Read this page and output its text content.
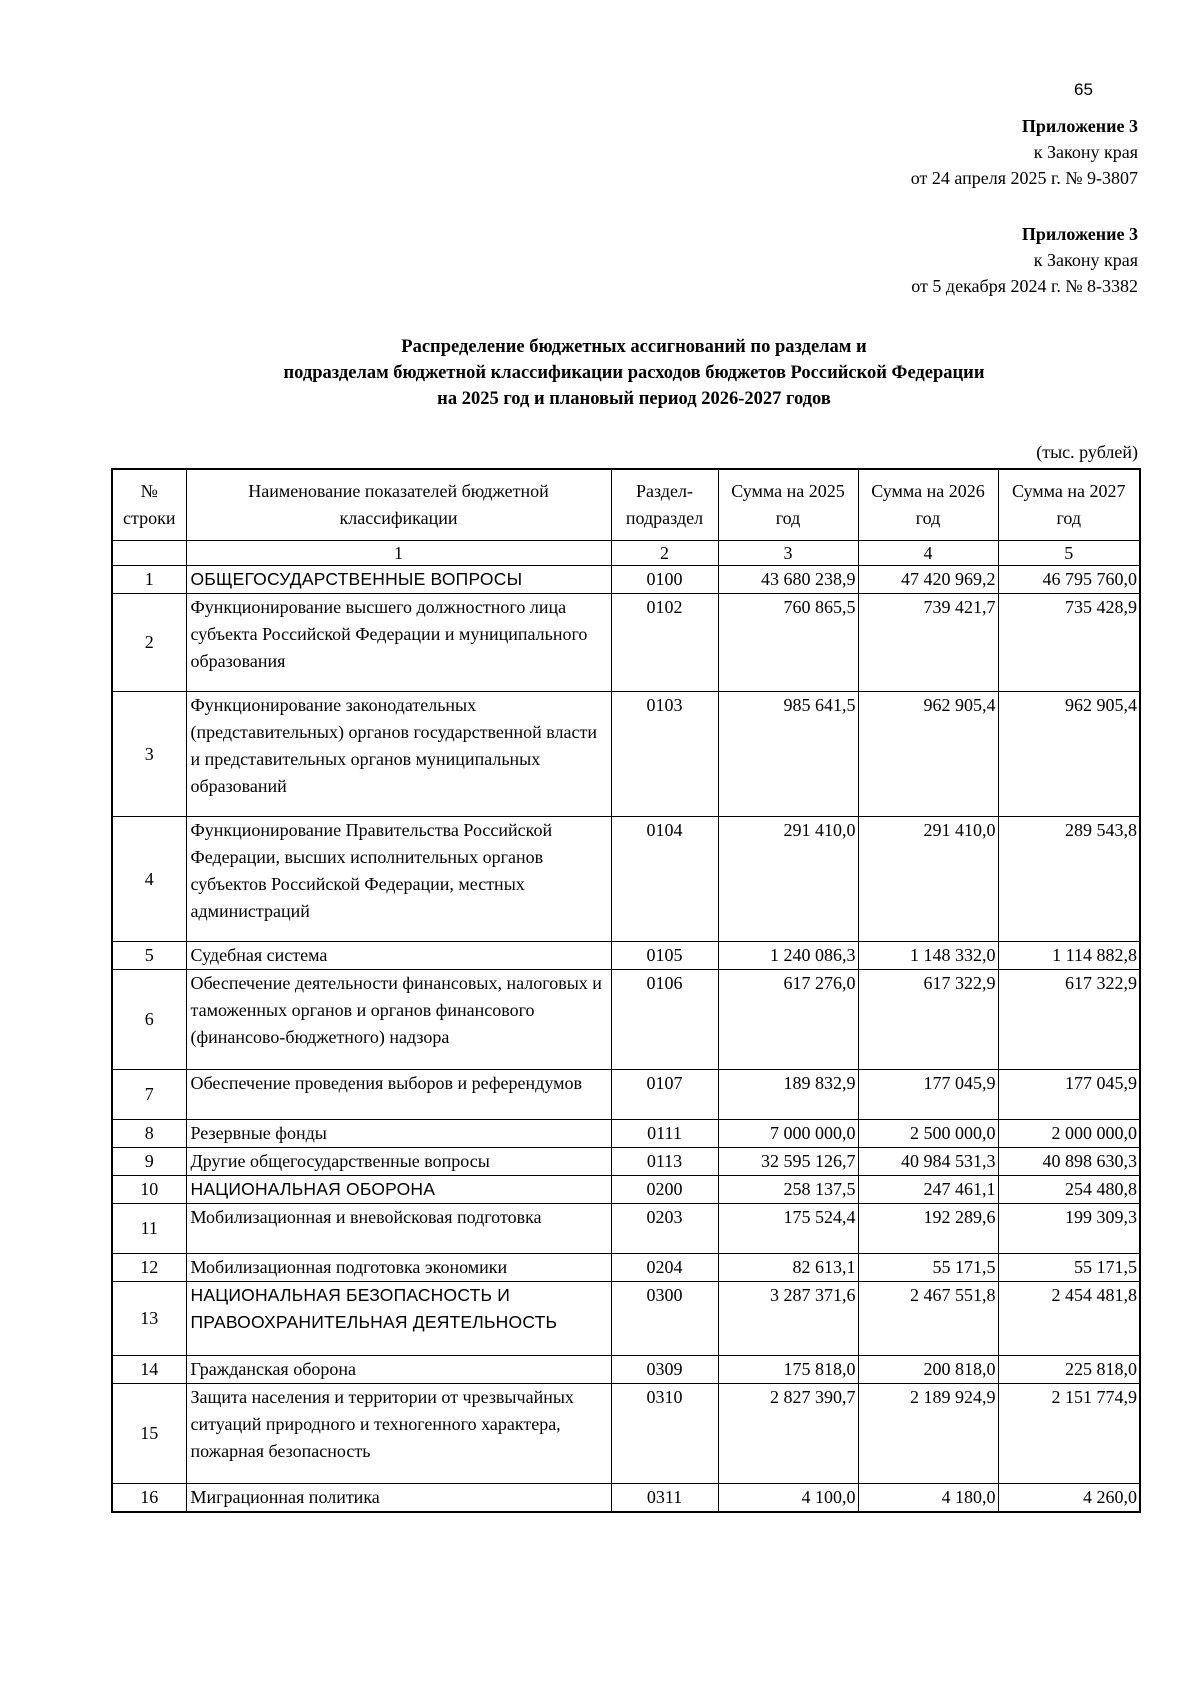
65
Приложение 3
к Закону края
от 24 апреля 2025 г. № 9-3807
Приложение 3
к Закону края
от 5 декабря 2024 г. № 8-3382
Распределение бюджетных ассигнований по разделам и
подразделам бюджетной классификации расходов бюджетов Российской Федерации
на 2025 год и плановый период 2026-2027 годов
(тыс. рублей)
№ строки	Наименование показателей бюджетной классификации	Раздел- подраздел	Сумма на 2025 год	Сумма на 2026 год	Сумма на 2027 год
	1	2	3	4	5
1	ОБЩЕГОСУДАРСТВЕННЫЕ ВОПРОСЫ	0100	43 680 238,9	47 420 969,2	46 795 760,0
2	Функционирование высшего должностного лица субъекта Российской Федерации и муниципального образования	0102	760 865,5	739 421,7	735 428,9
3	Функционирование законодательных (представительных) органов государственной власти и представительных органов муниципальных образований	0103	985 641,5	962 905,4	962 905,4
4	Функционирование Правительства Российской Федерации, высших исполнительных органов субъектов Российской Федерации, местных администраций	0104	291 410,0	291 410,0	289 543,8
5	Судебная система	0105	1 240 086,3	1 148 332,0	1 114 882,8
6	Обеспечение деятельности финансовых, налоговых и таможенных органов и органов финансового (финансово-бюджетного) надзора	0106	617 276,0	617 322,9	617 322,9
7	Обеспечение проведения выборов и референдумов	0107	189 832,9	177 045,9	177 045,9
8	Резервные фонды	0111	7 000 000,0	2 500 000,0	2 000 000,0
9	Другие общегосударственные вопросы	0113	32 595 126,7	40 984 531,3	40 898 630,3
10	НАЦИОНАЛЬНАЯ ОБОРОНА	0200	258 137,5	247 461,1	254 480,8
11	Мобилизационная и вневойсковая подготовка	0203	175 524,4	192 289,6	199 309,3
12	Мобилизационная подготовка экономики	0204	82 613,1	55 171,5	55 171,5
13	НАЦИОНАЛЬНАЯ БЕЗОПАСНОСТЬ И ПРАВООХРАНИТЕЛЬНАЯ ДЕЯТЕЛЬНОСТЬ	0300	3 287 371,6	2 467 551,8	2 454 481,8
14	Гражданская оборона	0309	175 818,0	200 818,0	225 818,0
15	Защита населения и территории от чрезвычайных ситуаций природного и техногенного характера, пожарная безопасность	0310	2 827 390,7	2 189 924,9	2 151 774,9
16	Миграционная политика	0311	4 100,0	4 180,0	4 260,0
